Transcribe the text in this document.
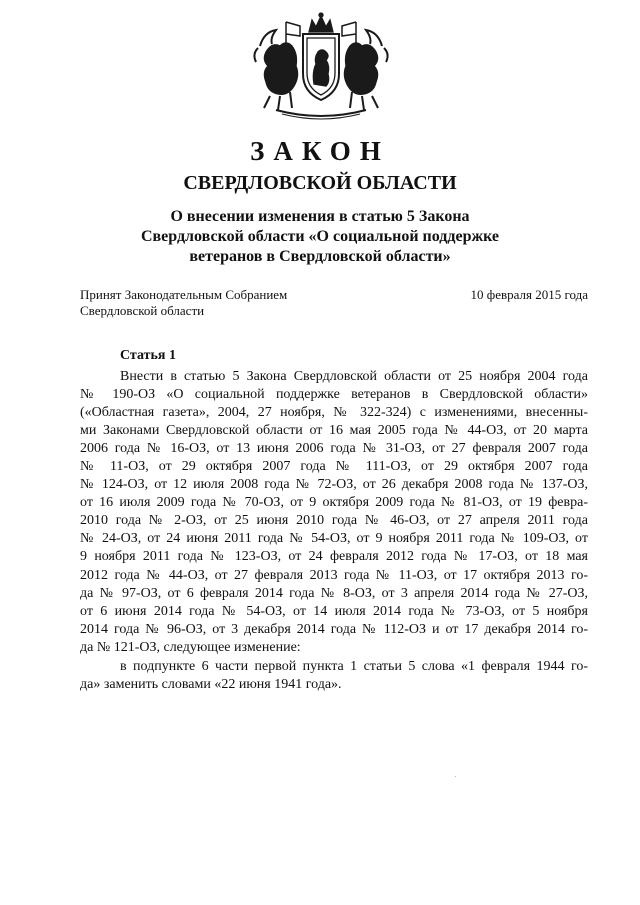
ЗАКОН
СВЕРДЛОВСКОЙ ОБЛАСТИ
О внесении изменения в статью 5 Закона
Свердловской области «О социальной поддержке
ветеранов в Свердловской области»
Принят Законодательным Собранием
Свердловской области
10 февраля 2015 года
Статья 1
Внести в статью 5 Закона Свердловской области от 25 ноября 2004 года
№ 190-ОЗ «О социальной поддержке ветеранов в Свердловской области»
(«Областная газета», 2004, 27 ноября, № 322-324) с изменениями, внесенны-
ми Законами Свердловской области от 16 мая 2005 года № 44-ОЗ, от 20 марта
2006 года № 16-ОЗ, от 13 июня 2006 года № 31-ОЗ, от 27 февраля 2007 года
№ 11-ОЗ, от 29 октября 2007 года № 111-ОЗ, от 29 октября 2007 года
№ 124-ОЗ, от 12 июля 2008 года № 72-ОЗ, от 26 декабря 2008 года № 137-ОЗ,
от 16 июля 2009 года № 70-ОЗ, от 9 октября 2009 года № 81-ОЗ, от 19 февра-
2010 года № 2-ОЗ, от 25 июня 2010 года № 46-ОЗ, от 27 апреля 2011 года
№ 24-ОЗ, от 24 июня 2011 года № 54-ОЗ, от 9 ноября 2011 года № 109-ОЗ, от
9 ноября 2011 года № 123-ОЗ, от 24 февраля 2012 года № 17-ОЗ, от 18 мая
2012 года № 44-ОЗ, от 27 февраля 2013 года № 11-ОЗ, от 17 октября 2013 го-
да № 97-ОЗ, от 6 февраля 2014 года № 8-ОЗ, от 3 апреля 2014 года № 27-ОЗ,
от 6 июня 2014 года № 54-ОЗ, от 14 июля 2014 года № 73-ОЗ, от 5 ноября
2014 года № 96-ОЗ, от 3 декабря 2014 года № 112-ОЗ и от 17 декабря 2014 го-
да № 121-ОЗ, следующее изменение:
в подпункте 6 части первой пункта 1 статьи 5 слова «1 февраля 1944 го-
да» заменить словами «22 июня 1941 года».
